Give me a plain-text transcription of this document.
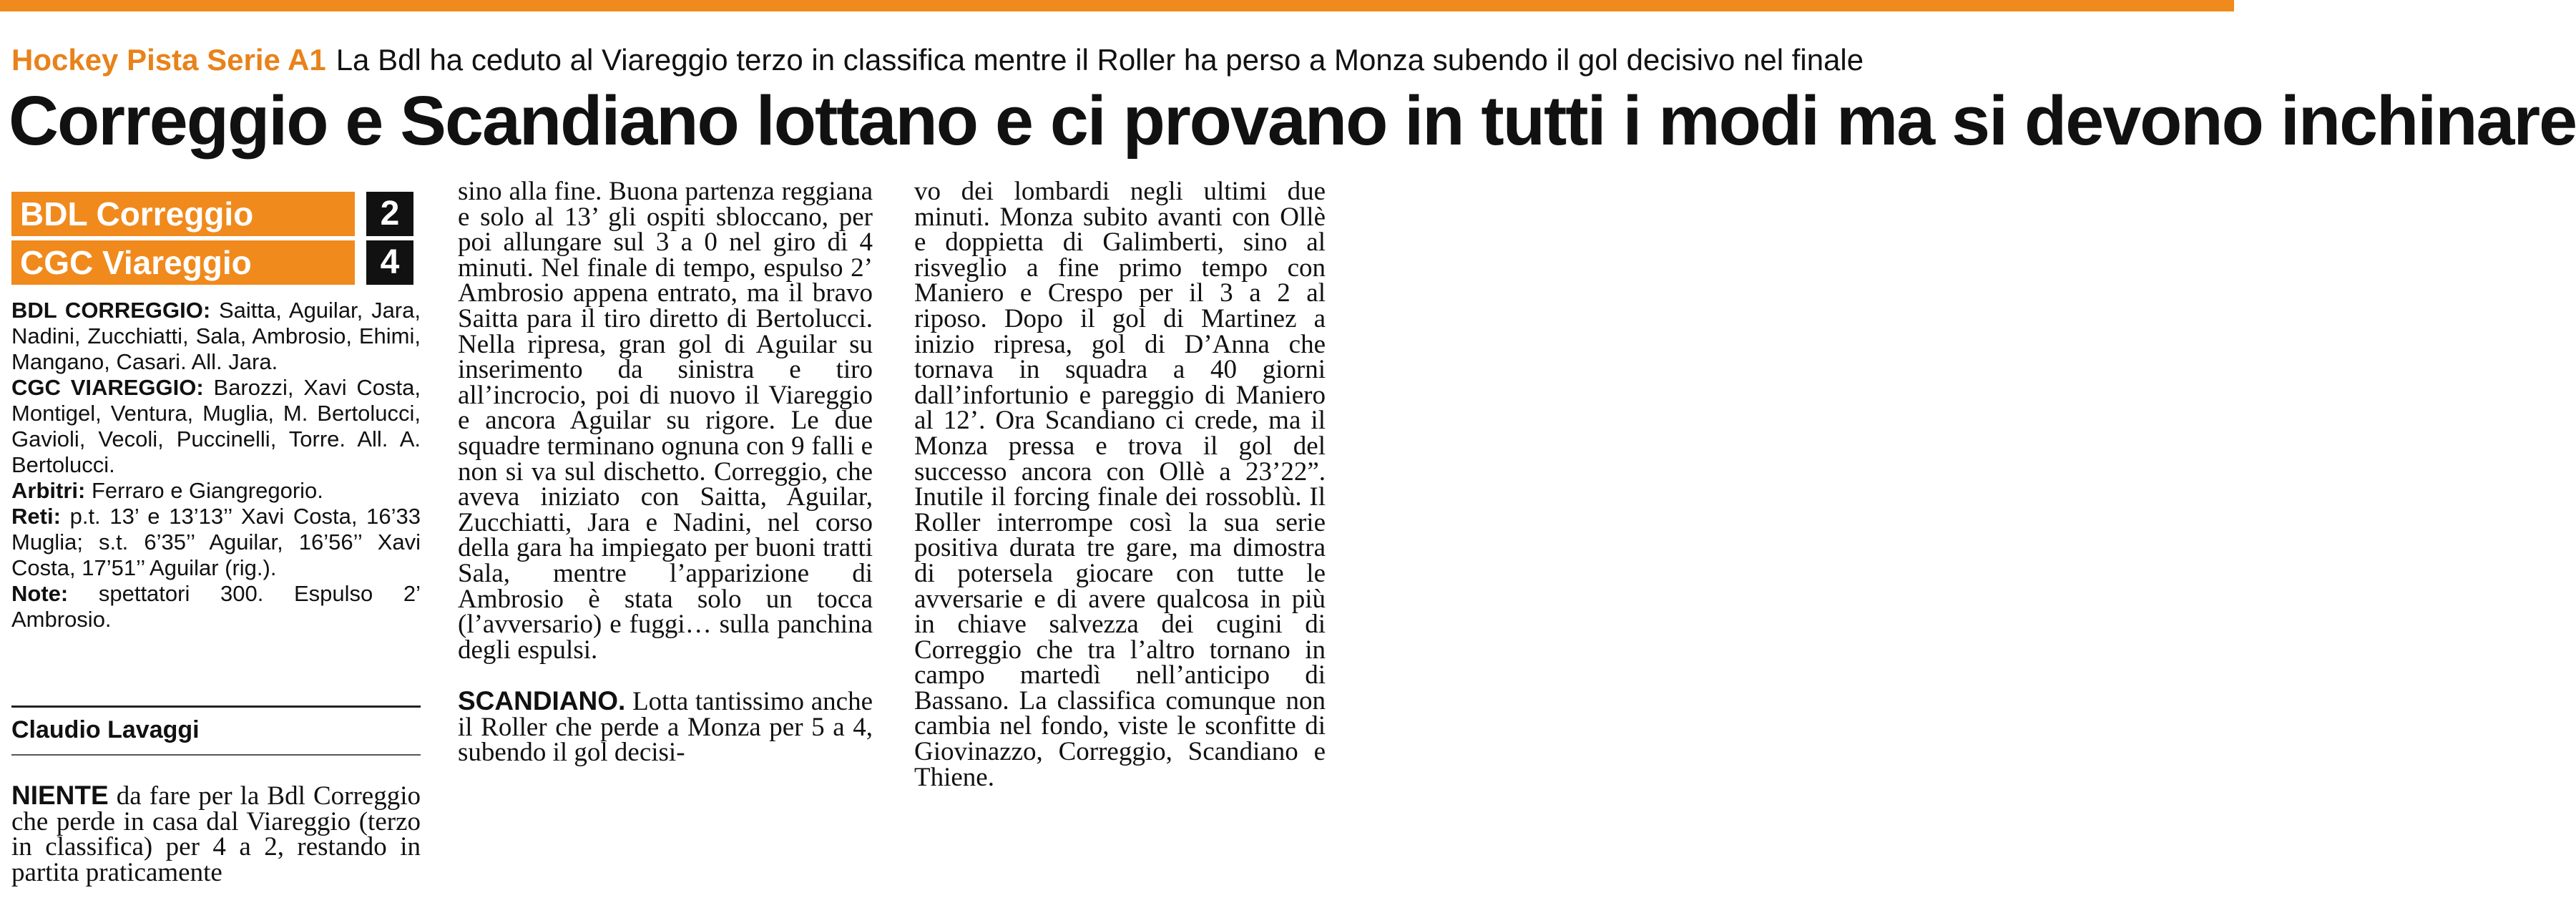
Hockey Pista Serie A1 La Bdl ha ceduto al Viareggio terzo in classifica mentre il Roller ha perso a Monza subendo il gol decisivo nel finale
Correggio e Scandiano lottano e ci provano in tutti i modi ma si devono inchinare
BDL Correggio	2
CGC Viareggio	4

BDL CORREGGIO: Saitta, Aguilar, Jara, Nadini, Zucchiatti, Sala, Ambrosio, Ehimi, Mangano, Casari. All. Jara.

CGC VIAREGGIO: Barozzi, Xavi Costa, Montigel, Ventura, Muglia, M. Bertolucci, Gavioli, Vecoli, Puccinelli, Torre. All. A. Bertolucci.

Arbitri: Ferraro e Giangregorio.

Reti: p.t. 13’ e 13’13’’ Xavi Costa, 16’33 Muglia; s.t. 6’35’’ Aguilar, 16’56’’ Xavi Costa, 17’51’’ Aguilar (rig.).

Note: spettatori 300. Espulso 2’ Ambrosio.

Claudio Lavaggi

NIENTE da fare per la Bdl Correggio che perde in casa dal Viareggio (terzo in classifica) per 4 a 2, restando in partita praticamente

sino alla fine. Buona partenza reggiana e solo al 13’ gli ospiti sbloccano, per poi allungare sul 3 a 0 nel giro di 4 minuti. Nel finale di tempo, espulso 2’ Ambrosio appena entrato, ma il bravo Saitta para il tiro diretto di Bertolucci. Nella ripresa, gran gol di Aguilar su inserimento da sinistra e tiro all’incrocio, poi di nuovo il Viareggio e ancora Aguilar su rigore. Le due squadre terminano ognuna con 9 falli e non si va sul dischetto. Correggio, che aveva iniziato con Saitta, Aguilar, Zucchiatti, Jara e Nadini, nel corso della gara ha impiegato per buoni tratti Sala, mentre l’apparizione di Ambrosio è stata solo un tocca (l’avversario) e fuggi… sulla panchina degli espulsi.

SCANDIANO. Lotta tantissimo anche il Roller che perde a Monza per 5 a 4, subendo il gol decisi-

vo dei lombardi negli ultimi due minuti. Monza subito avanti con Ollè e doppietta di Galimberti, sino al risveglio a fine primo tempo con Maniero e Crespo per il 3 a 2 al riposo. Dopo il gol di Martinez a inizio ripresa, gol di D’Anna che tornava in squadra a 40 giorni dall’infortunio e pareggio di Maniero al 12’. Ora Scandiano ci crede, ma il Monza pressa e trova il gol del successo ancora con Ollè a 23’22”. Inutile il forcing finale dei rossoblù. Il Roller interrompe così la sua serie positiva durata tre gare, ma dimostra di potersela giocare con tutte le avversarie e di avere qualcosa in più in chiave salvezza dei cugini di Correggio che tra l’altro tornano in campo martedì nell’anticipo di Bassano. La classifica comunque non cambia nel fondo, viste le sconfitte di Giovinazzo, Correggio, Scandiano e Thiene.
